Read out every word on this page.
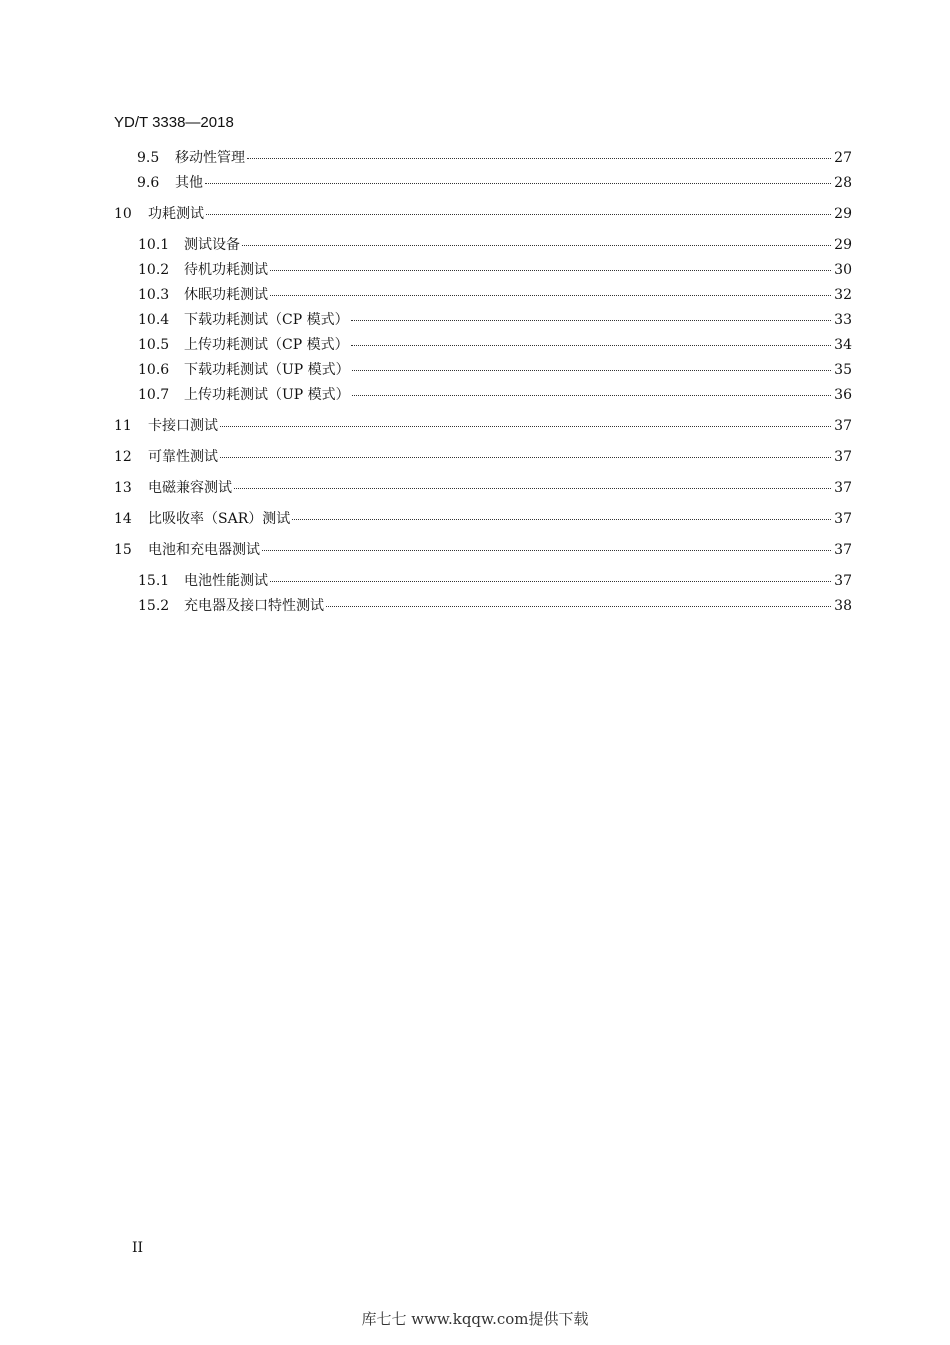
YD/T 3338—2018
9.5	移动性管理	27
9.6	其他	28
10	功耗测试	29
10.1	测试设备	29
10.2	待机功耗测试	30
10.3	休眠功耗测试	32
10.4	下载功耗测试（CP 模式）	33
10.5	上传功耗测试（CP 模式）	34
10.6	下载功耗测试（UP 模式）	35
10.7	上传功耗测试（UP 模式）	36
11	卡接口测试	37
12	可靠性测试	37
13	电磁兼容测试	37
14	比吸收率（SAR）测试	37
15	电池和充电器测试	37
15.1	电池性能测试	37
15.2	充电器及接口特性测试	38
II
库七七 www.kqqw.com提供下载
